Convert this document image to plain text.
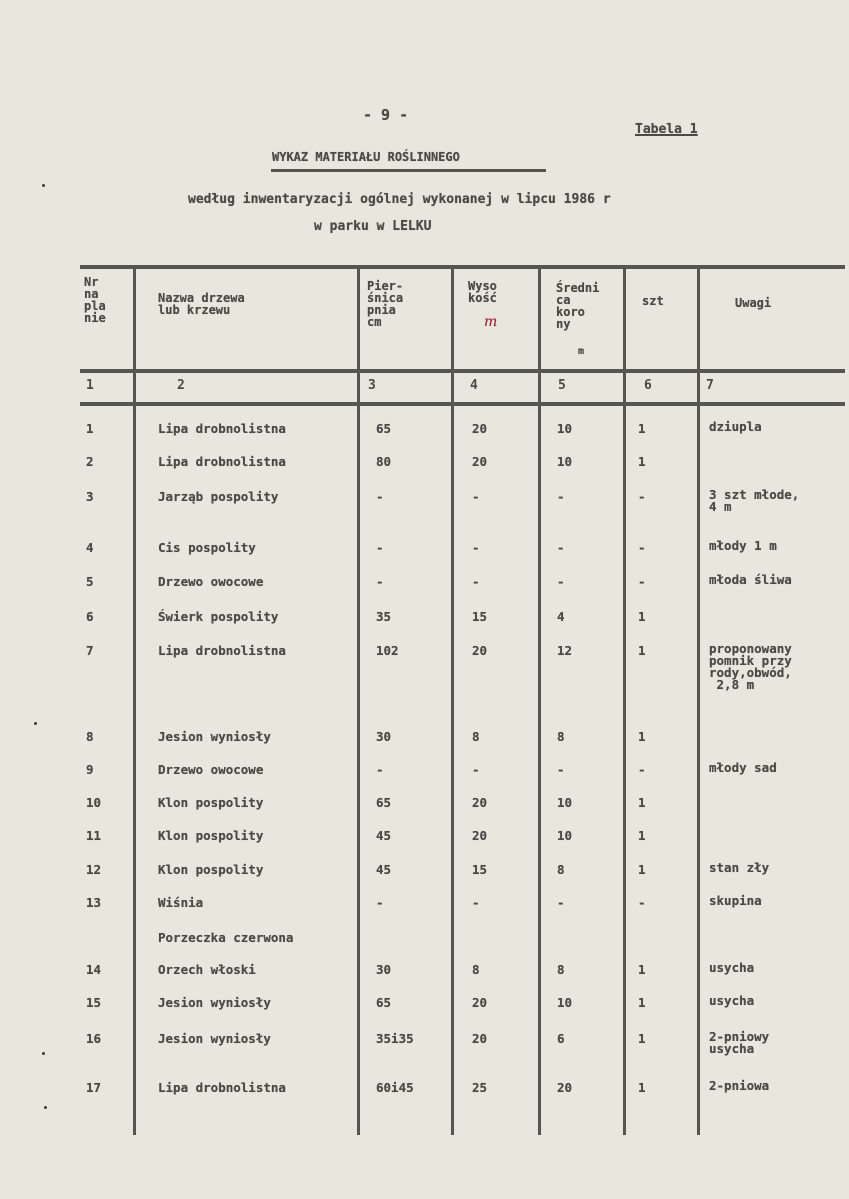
- 9 -
Tabela 1
WYKAZ MATERIAŁU ROŚLINNEGO
według inwentaryzacji ogólnej wykonanej w lipcu 1986 r
w parku w LELKU
Nr
na
pla
nie
Nazwa drzewa
lub krzewu
Pier-
śnica
pnia
cm
Wyso
kość
m
Średni
ca
koro
ny
m
szt	Uwagi
1	2	3	4	5	6	7
1	Lipa drobnolistna	65	20	10	1	dziupla
2	Lipa drobnolistna	80	20	10	1
3	Jarząb pospolity	-	-	-	-	3 szt młode,
4 m
4	Cis pospolity	-	-	-	-	młody 1 m
5	Drzewo owocowe	-	-	-	-	młoda śliwa
6	Świerk pospolity	35	15	4	1
7	Lipa drobnolistna	102	20	12	1	proponowany
pomnik przy
rody,obwód,
2,8 m
8	Jesion wyniosły	30	8	8	1
9	Drzewo owocowe	-	-	-	-	młody sad
10	Klon pospolity	65	20	10	1
11	Klon pospolity	45	20	10	1
12	Klon pospolity	45	15	8	1	stan zły
13	Wiśnia	-	-	-	-	skupina
Porzeczka czerwona
14	Orzech włoski	30	8	8	1	usycha
15	Jesion wyniosły	65	20	10	1	usycha
16	Jesion wyniosły	35i35	20	6	1	2-pniowy
usycha
17	Lipa drobnolistna	60i45	25	20	1	2-pniowa
